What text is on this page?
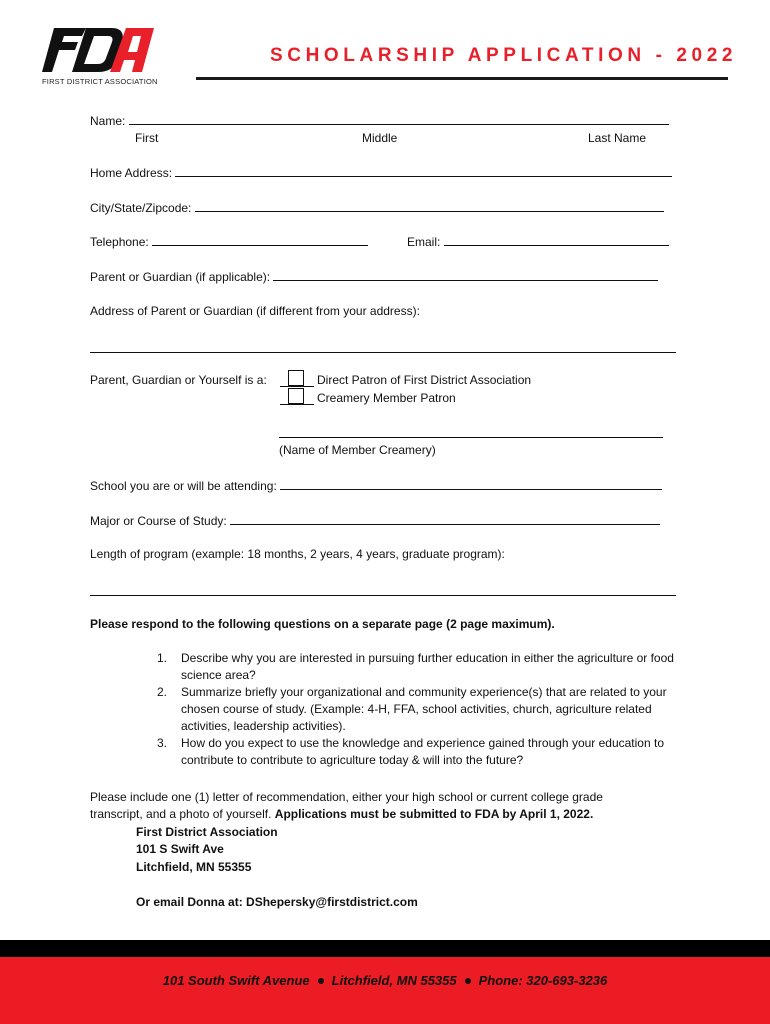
FIRST DISTRICT ASSOCIATION
SCHOLARSHIP APPLICATION - 2022
Name:
First	Middle	Last Name
Home Address:
City/State/Zipcode:
Telephone:	Email:
Parent or Guardian (if applicable):
Address of Parent or Guardian (if different from your address):
Parent, Guardian or Yourself is a:	Direct Patron of First District Association
Creamery Member Patron
(Name of Member Creamery)
School you are or will be attending:
Major or Course of Study:
Length of program (example: 18 months, 2 years, 4 years, graduate program):
Please respond to the following questions on a separate page (2 page maximum).
1. Describe why you are interested in pursuing further education in either the agriculture or food science area?
2. Summarize briefly your organizational and community experience(s) that are related to your chosen course of study. (Example: 4-H, FFA, school activities, church, agriculture related activities, leadership activities).
3. How do you expect to use the knowledge and experience gained through your education to contribute to contribute to agriculture today & will into the future?
Please include one (1) letter of recommendation, either your high school or current college grade transcript, and a photo of yourself. Applications must be submitted to FDA by April 1, 2022.
First District Association
101 S Swift Ave
Litchfield, MN 55355
Or email Donna at: DShepersky@firstdistrict.com
101 South Swift Avenue Litchfield, MN 55355 Phone: 320-693-3236
